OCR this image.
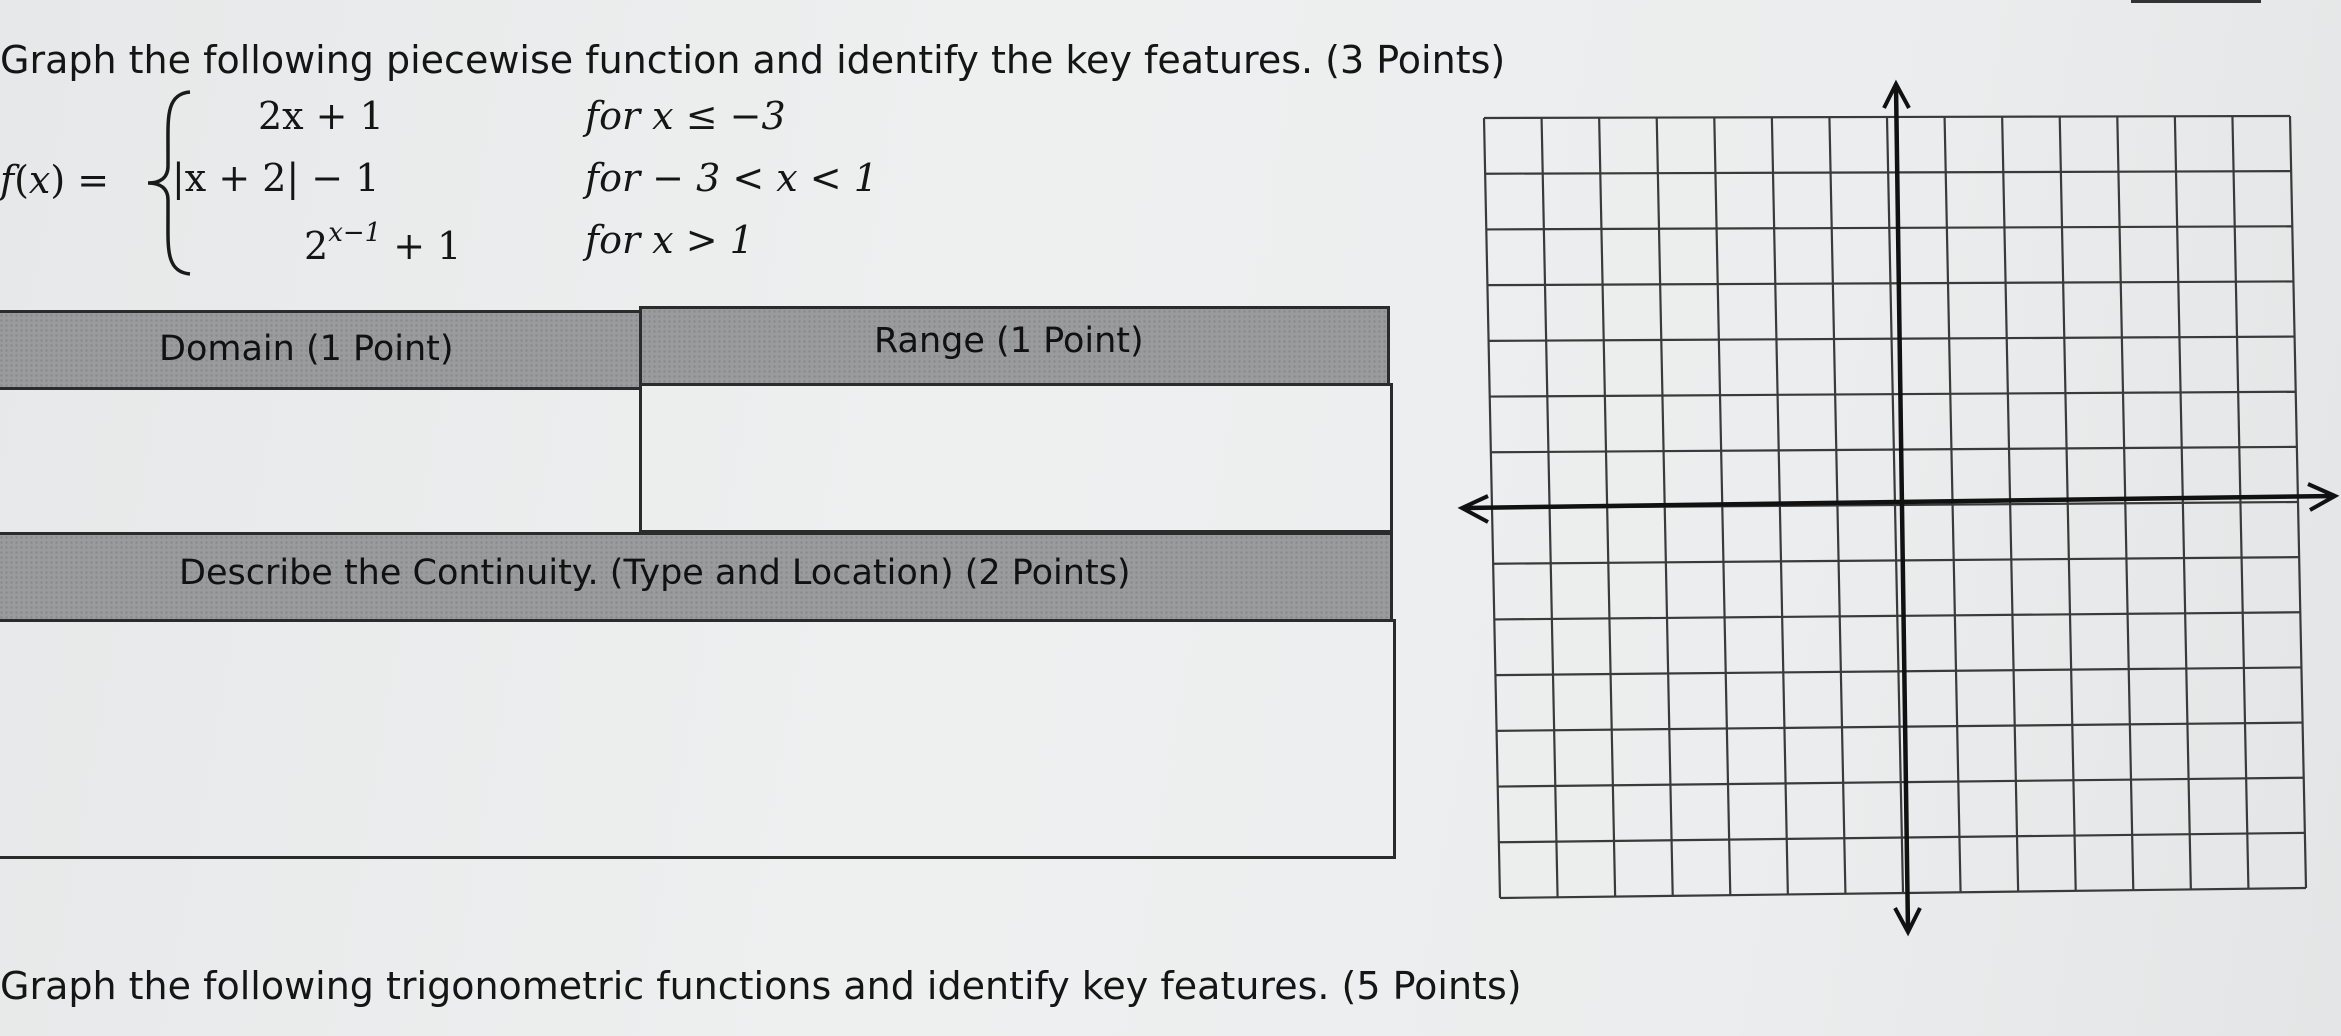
Graph the following piecewise function and identify the key features. (3 Points)
f(x) =
2x + 1	for x ≤ −3
|x + 2| − 1	for − 3 < x < 1
$2^{x-1} + 1$	for x > 1
Domain (1 Point)	Range (1 Point)
Describe the Continuity. (Type and Location) (2 Points)
Graph the following trigonometric functions and identify key features. (5 Points)
